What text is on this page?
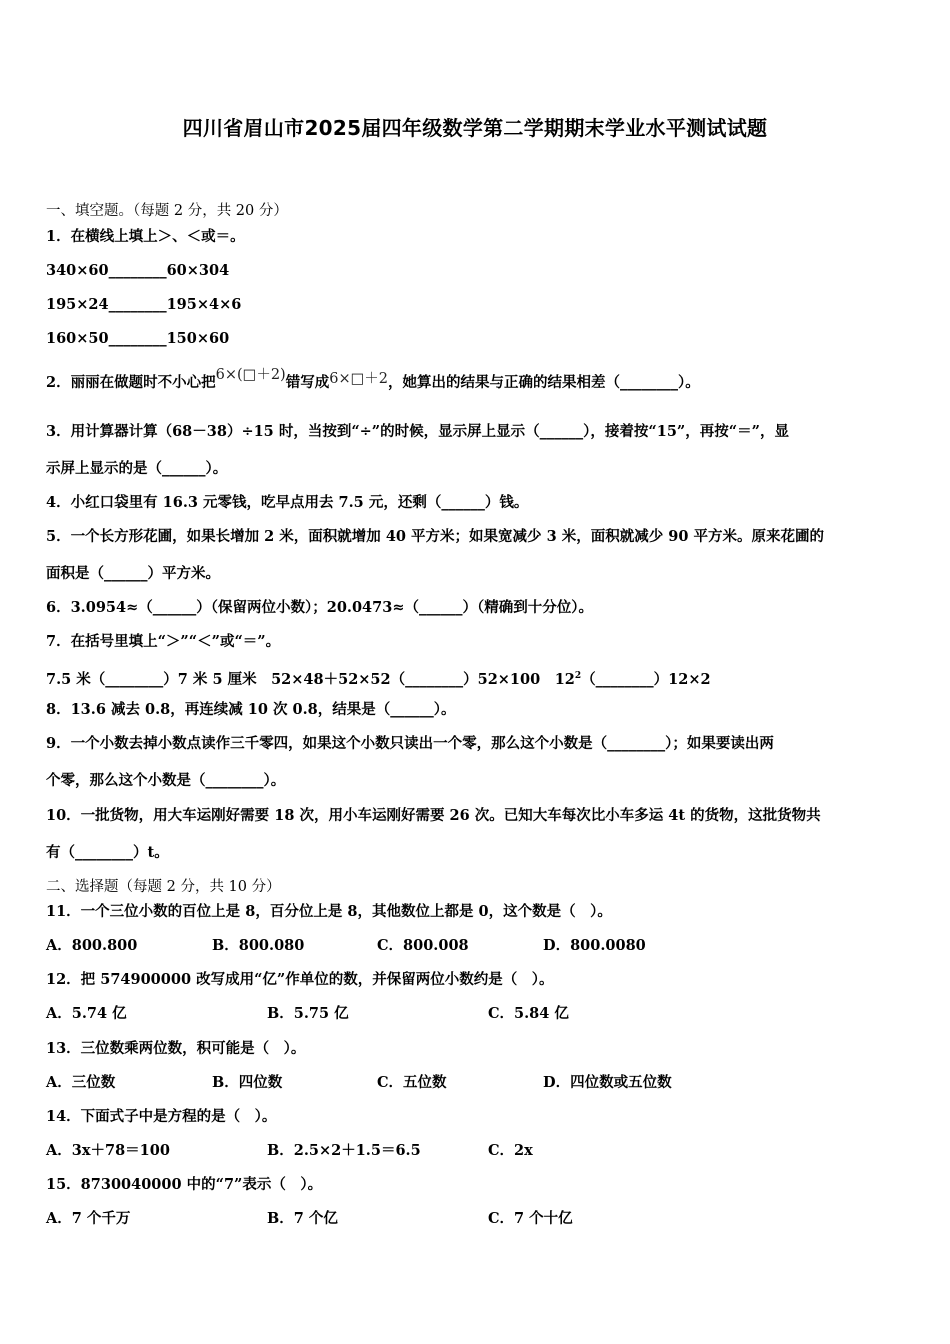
四川省眉山市2025届四年级数学第二学期期末学业水平测试试题
一、填空题。（每题 2 分，共 20 分）
1．在横线上填上＞、＜或＝。
340×60________60×304
195×24________195×4×6
160×50________150×60
2．丽丽在做题时不小心把6×(□＋2)错写成6×□＋2，她算出的结果与正确的结果相差（________）。
3．用计算器计算（68－38）÷15 时，当按到“÷”的时候，显示屏上显示（______），接着按“15”，再按“＝”，显
示屏上显示的是（______）。
4．小红口袋里有 16.3 元零钱，吃早点用去 7.5 元，还剩（______）钱。
5．一个长方形花圃，如果长增加 2 米，面积就增加 40 平方米；如果宽减少 3 米，面积就减少 90 平方米。原来花圃的
面积是（______）平方米。
6．3.0954≈（______）（保留两位小数）；20.0473≈（______）（精确到十分位）。
7．在括号里填上“＞”“＜”或“＝”。
7.5 米（________）7 米 5 厘米　52×48＋52×52（________）52×100　$12^2(\_\_\_\_\_\_\_\_)12\times 2$
8．13.6 减去 0.8，再连续减 10 次 0.8，结果是（______）。
9．一个小数去掉小数点读作三千零四，如果这个小数只读出一个零，那么这个小数是（________）；如果要读出两
个零，那么这个小数是（________）。
10．一批货物，用大车运刚好需要 18 次，用小车运刚好需要 26 次。已知大车每次比小车多运 4t 的货物，这批货物共
有（________）t。
二、选择题（每题 2 分，共 10 分）
11．一个三位小数的百位上是 8，百分位上是 8，其他数位上都是 0，这个数是（　）。
A．800.800	B．800.080	C．800.008	D．800.0080
12．把 574900000 改写成用“亿”作单位的数，并保留两位小数约是（　）。
A．5.74 亿	B．5.75 亿	C．5.84 亿
13．三位数乘两位数，积可能是（　）。
A．三位数	B．四位数	C．五位数	D．四位数或五位数
14．下面式子中是方程的是（　）。
A．3x＋78＝100	B．2.5×2＋1.5＝6.5	C．2x
15．8730040000 中的“7”表示（　）。
A．7 个千万	B．7 个亿	C．7 个十亿
